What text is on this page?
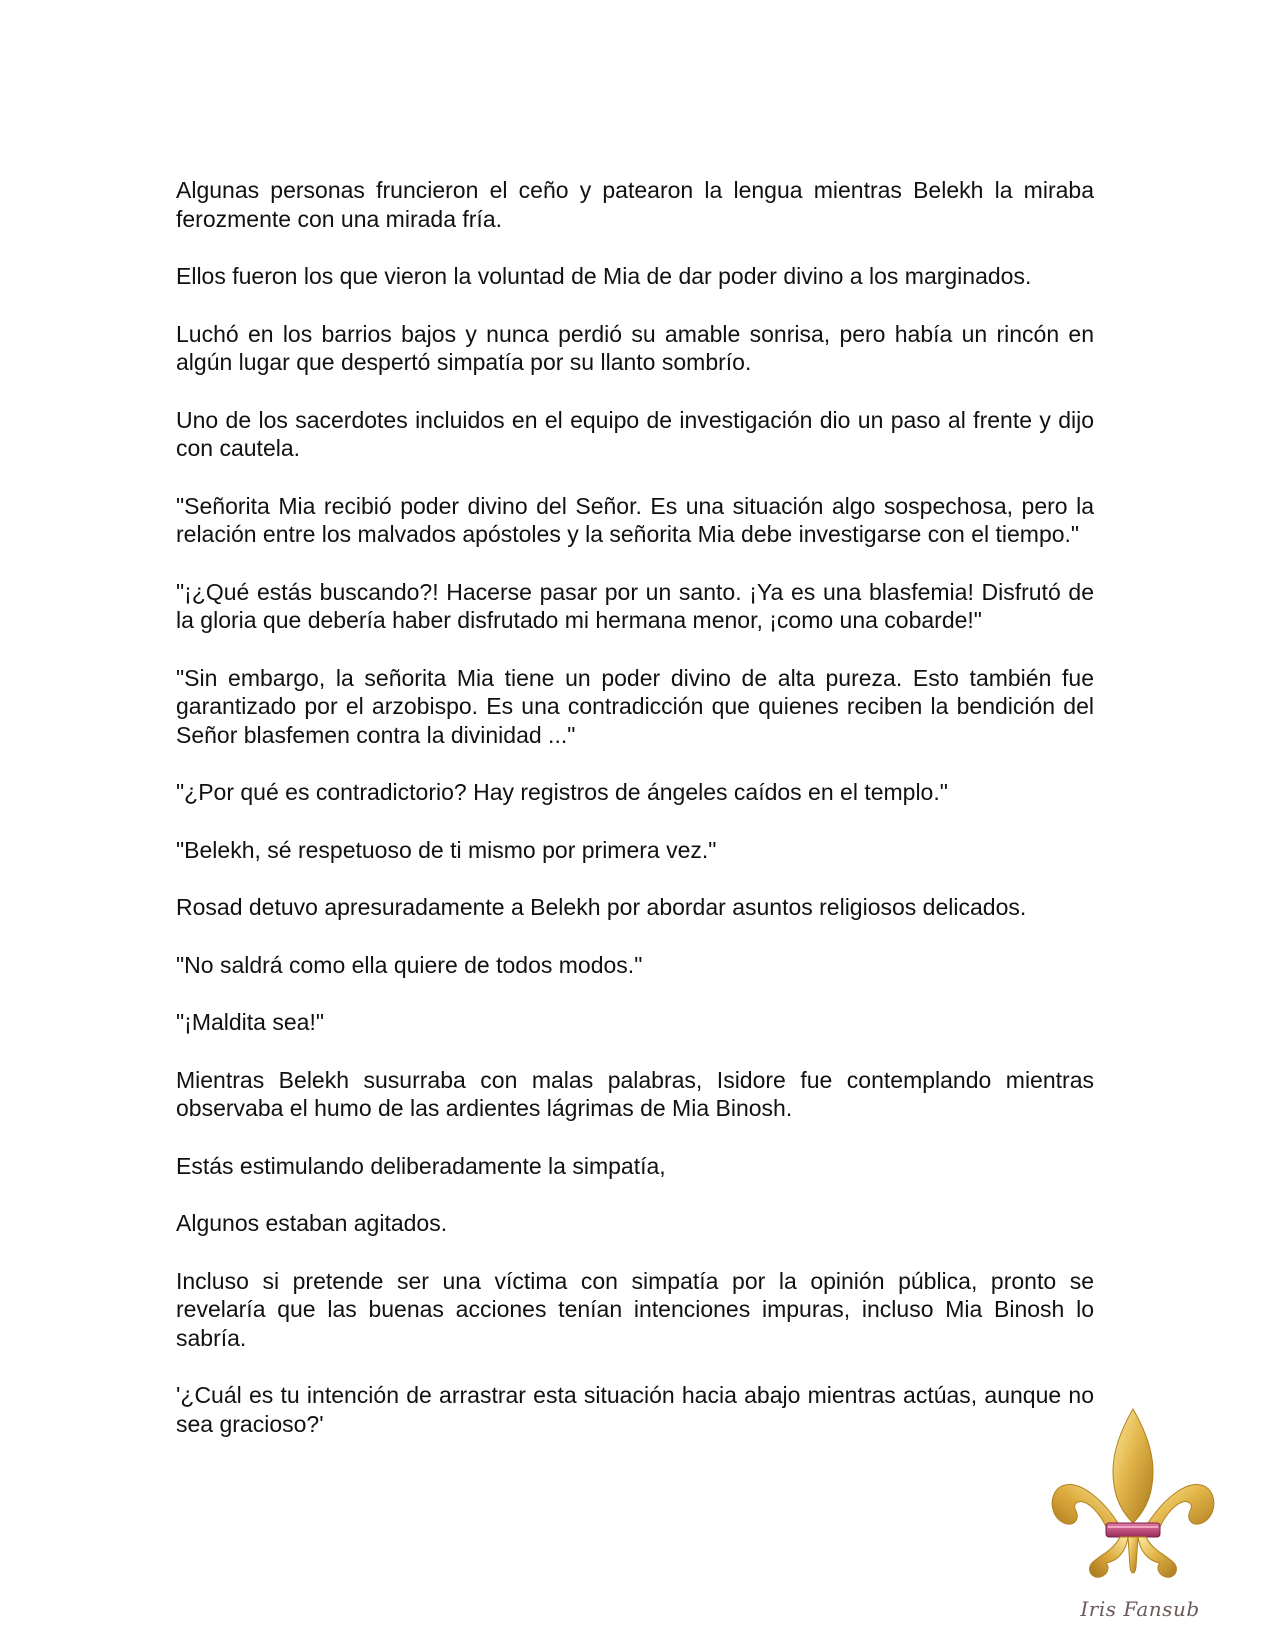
Algunas personas fruncieron el ceño y patearon la lengua mientras Belekh la miraba ferozmente con una mirada fría.

Ellos fueron los que vieron la voluntad de Mia de dar poder divino a los marginados.

Luchó en los barrios bajos y nunca perdió su amable sonrisa, pero había un rincón en algún lugar que despertó simpatía por su llanto sombrío.

Uno de los sacerdotes incluidos en el equipo de investigación dio un paso al frente y dijo con cautela.

"Señorita Mia recibió poder divino del Señor. Es una situación algo sospechosa, pero la relación entre los malvados apóstoles y la señorita Mia debe investigarse con el tiempo."

"¡¿Qué estás buscando?! Hacerse pasar por un santo. ¡Ya es una blasfemia! Disfrutó de la gloria que debería haber disfrutado mi hermana menor, ¡como una cobarde!"

"Sin embargo, la señorita Mia tiene un poder divino de alta pureza. Esto también fue garantizado por el arzobispo. Es una contradicción que quienes reciben la bendición del Señor blasfemen contra la divinidad ..."

"¿Por qué es contradictorio? Hay registros de ángeles caídos en el templo."

"Belekh, sé respetuoso de ti mismo por primera vez."

Rosad detuvo apresuradamente a Belekh por abordar asuntos religiosos delicados.

"No saldrá como ella quiere de todos modos."

"¡Maldita sea!"

Mientras Belekh susurraba con malas palabras, Isidore fue contemplando mientras observaba el humo de las ardientes lágrimas de Mia Binosh.

Estás estimulando deliberadamente la simpatía,

Algunos estaban agitados.

Incluso si pretende ser una víctima con simpatía por la opinión pública, pronto se revelaría que las buenas acciones tenían intenciones impuras, incluso Mia Binosh lo sabría.

'¿Cuál es tu intención de arrastrar esta situación hacia abajo mientras actúas, aunque no sea gracioso?'

Iris Fansub
